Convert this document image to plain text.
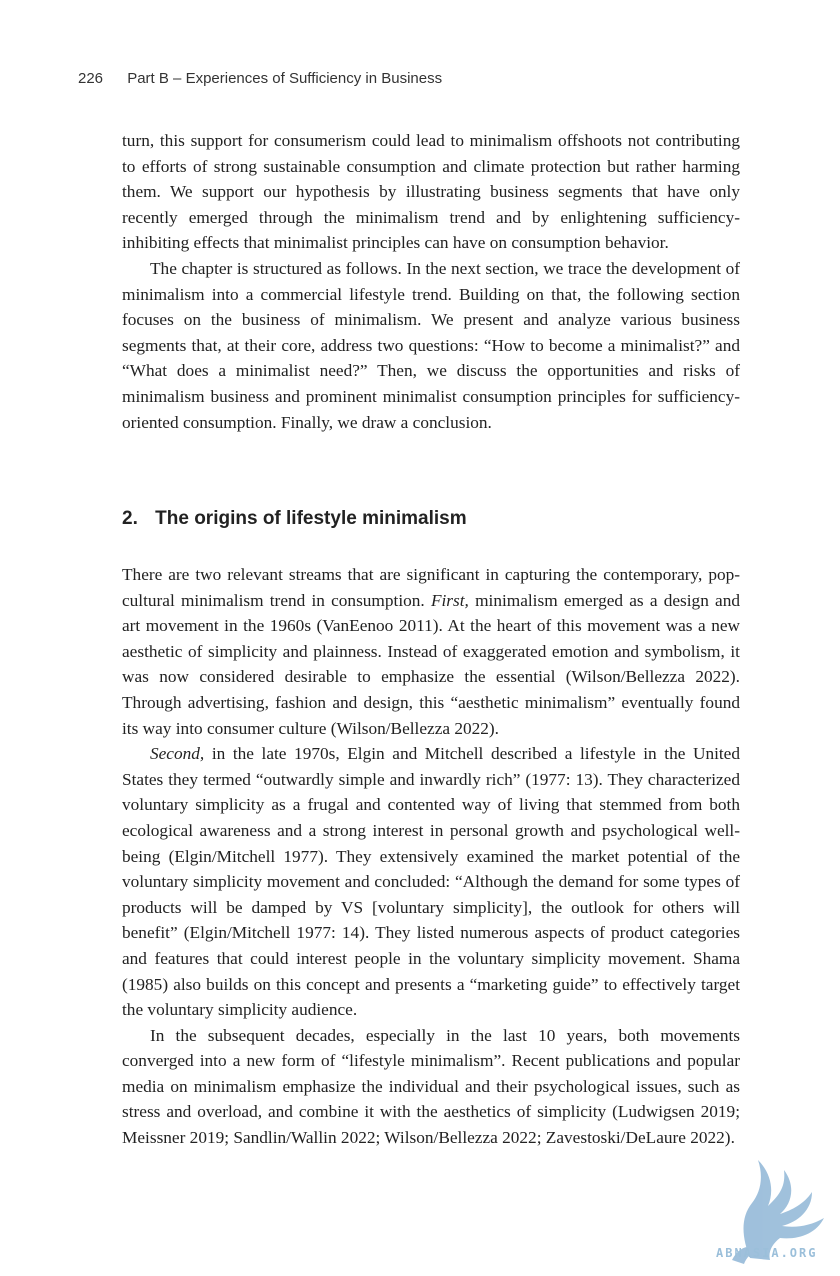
226 Part B – Experiences of Sufficiency in Business

turn, this support for consumerism could lead to minimalism offshoots not contributing to efforts of strong sustainable consumption and climate protection but rather harming them. We support our hypothesis by illustrating business segments that have only recently emerged through the minimalism trend and by enlightening sufficiency-inhibiting effects that minimalist principles can have on consumption behavior.

The chapter is structured as follows. In the next section, we trace the development of minimalism into a commercial lifestyle trend. Building on that, the following section focuses on the business of minimalism. We present and analyze various business segments that, at their core, address two questions: “How to become a minimalist?” and “What does a minimalist need?” Then, we discuss the opportunities and risks of minimalism business and prominent minimalist consumption principles for sufficiency-oriented consumption. Finally, we draw a conclusion.

2. The origins of lifestyle minimalism

There are two relevant streams that are significant in capturing the contemporary, pop-cultural minimalism trend in consumption. First, minimalism emerged as a design and art movement in the 1960s (VanEenoo 2011). At the heart of this movement was a new aesthetic of simplicity and plainness. Instead of exaggerated emotion and symbolism, it was now considered desirable to emphasize the essential (Wilson/Bellezza 2022). Through advertising, fashion and design, this “aesthetic minimalism” eventually found its way into consumer culture (Wilson/Bellezza 2022).

Second, in the late 1970s, Elgin and Mitchell described a lifestyle in the United States they termed “outwardly simple and inwardly rich” (1977: 13). They characterized voluntary simplicity as a frugal and contented way of living that stemmed from both ecological awareness and a strong interest in personal growth and psychological well-being (Elgin/Mitchell 1977). They extensively examined the market potential of the voluntary simplicity movement and concluded: “Although the demand for some types of products will be damped by VS [voluntary simplicity], the outlook for others will benefit” (Elgin/Mitchell 1977: 14). They listed numerous aspects of product categories and features that could interest people in the voluntary simplicity movement. Shama (1985) also builds on this concept and presents a “marketing guide” to effectively target the voluntary simplicity audience.

In the subsequent decades, especially in the last 10 years, both movements converged into a new form of “lifestyle minimalism”. Recent publications and popular media on minimalism emphasize the individual and their psychological issues, such as stress and overload, and combine it with the aesthetics of simplicity (Ludwigsen 2019; Meissner 2019; Sandlin/Wallin 2022; Wilson/Bellezza 2022; Zavestoski/DeLaure 2022).

ABNASIA.ORG
